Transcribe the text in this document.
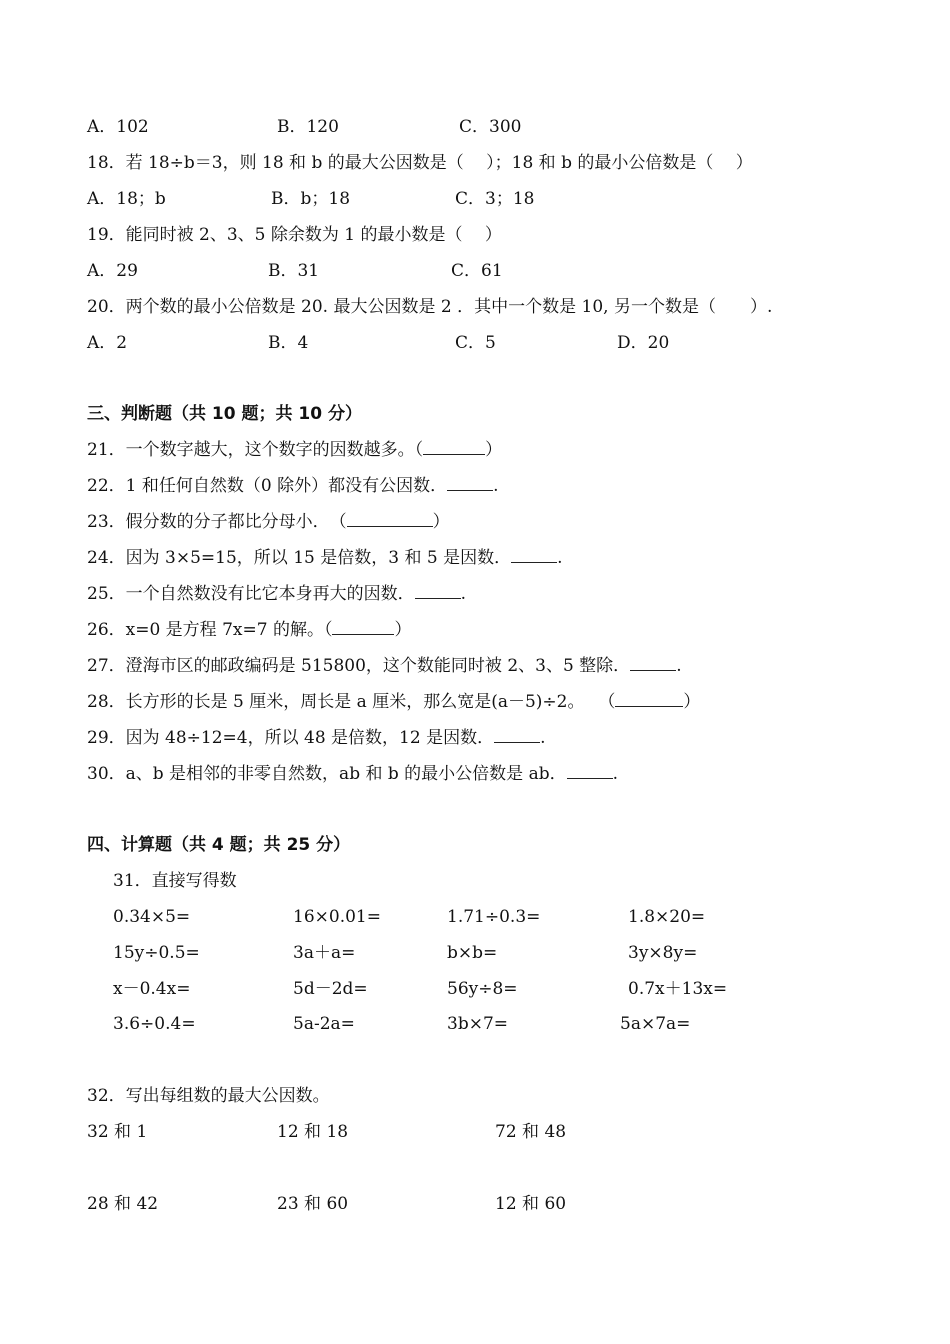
A．102	B．120	C．300
18．若 18÷b＝3，则 18 和 b 的最大公因数是（　 ）；18 和 b 的最小公倍数是（　 ）
A．18；b	B．b；18	C．3；18
19．能同时被 2、3、5 除余数为 1 的最小数是（　 ）
A．29	B．31	C．61
20．两个数的最小公倍数是 20. 最大公因数是 2 ．其中一个数是 10, 另一个数是（　　）.
A．2	B．4	C．5	D．20
三、判断题（共 10 题；共 10 分）
21．一个数字越大，这个数字的因数越多。（	）
22．1 和任何自然数（0 除外）都没有公因数．	.
23．假分数的分子都比分母小．　（	）
24．因为 3×5=15，所以 15 是倍数，3 和 5 是因数．	.
25．一个自然数没有比它本身再大的因数．	.
26．x=0 是方程 7x=7 的解。（	）
27．澄海市区的邮政编码是 515800，这个数能同时被 2、3、5 整除．	.
28．长方形的长是 5 厘米，周长是 a 厘米，那么宽是(a－5)÷2。　 （	）
29．因为 48÷12=4，所以 48 是倍数，12 是因数．	.
30．a、b 是相邻的非零自然数，ab 和 b 的最小公倍数是 ab．	.
四、计算题（共 4 题；共 25 分）
31．直接写得数
0.34×5=	16×0.01=	1.71÷0.3=	1.8×20=
15y÷0.5=	3a＋a=	b×b=	3y×8y=
x－0.4x=	5d－2d=	56y÷8=	0.7x＋13x=
3.6÷0.4=	5a-2a=	3b×7=	5a×7a=
32．写出每组数的最大公因数。
32 和 1	12 和 18	72 和 48
28 和 42	23 和 60	12 和 60
